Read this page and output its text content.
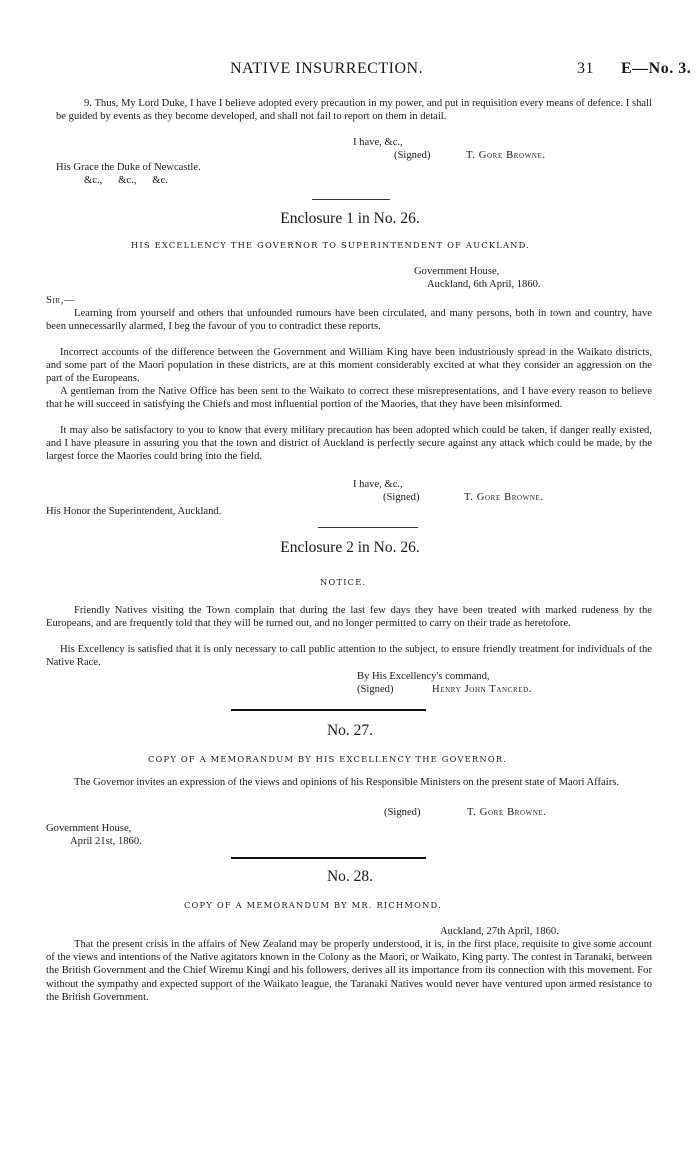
NATIVE INSURRECTION.	31 E—No. 3.

9. Thus, My Lord Duke, I have I believe adopted every precaution in my power, and put in requisition every means of defence. I shall be guided by events as they become developed, and shall not fail to report on them in detail.

I have, &c.,
(Signed)	T. Gore Browne.
His Grace the Duke of Newcastle.
&c.,      &c.,      &c.
Enclosure 1 in No. 26.
HIS EXCELLENCY THE GOVERNOR TO SUPERINTENDENT OF AUCKLAND.
Government House,
Auckland, 6th April, 1860.
Sir,—

Learning from yourself and others that unfounded rumours have been circulated, and many persons, both in town and country, have been unnecessarily alarmed, I beg the favour of you to contradict these reports.

Incorrect accounts of the difference between the Government and William King have been industriously spread in the Waikato districts, and some part of the Maori population in these districts, are at this moment considerably excited at what they consider an aggression on the part of the Europeans.

A gentleman from the Native Office has been sent to the Waikato to correct these misrepresentations, and I have every reason to believe that he will succeed in satisfying the Chiefs and most influential portion of the Maories, that they have been misinformed.

It may also be satisfactory to you to know that every military precaution has been adopted which could be taken, if danger really existed, and I have pleasure in assuring you that the town and district of Auckland is perfectly secure against any attack which could be made, by the largest force the Maories could bring into the field.

I have, &c.,
(Signed)	T. Gore Browne.
His Honor the Superintendent, Auckland.
Enclosure 2 in No. 26.
NOTICE.

Friendly Natives visiting the Town complain that during the last few days they have been treated with marked rudeness by the Europeans, and are frequently told that they will be turned out, and no longer permitted to carry on their trade as heretofore.

His Excellency is satisfied that it is only necessary to call public attention to the subject, to ensure friendly treatment for individuals of the Native Race.

By His Excellency's command,
(Signed)	Henry John Tancred.
No. 27.
COPY OF A MEMORANDUM BY HIS EXCELLENCY THE GOVERNOR.

The Governor invites an expression of the views and opinions of his Responsible Ministers on the present state of Maori Affairs.

(Signed)	T. Gore Browne.
Government House,
April 21st, 1860.
No. 28.
COPY OF A MEMORANDUM BY MR. RICHMOND.
Auckland, 27th April, 1860.

That the present crisis in the affairs of New Zealand may be properly understood, it is, in the first place, requisite to give some account of the views and intentions of the Native agitators known in the Colony as the Maori, or Waikato, King party. The contest in Taranaki, between the British Government and the Chief Wiremu Kingi and his followers, derives all its importance from its connection with this movement. For without the sympathy and expected support of the Waikato league, the Taranaki Natives would never have ventured upon armed resistance to the British Government.
